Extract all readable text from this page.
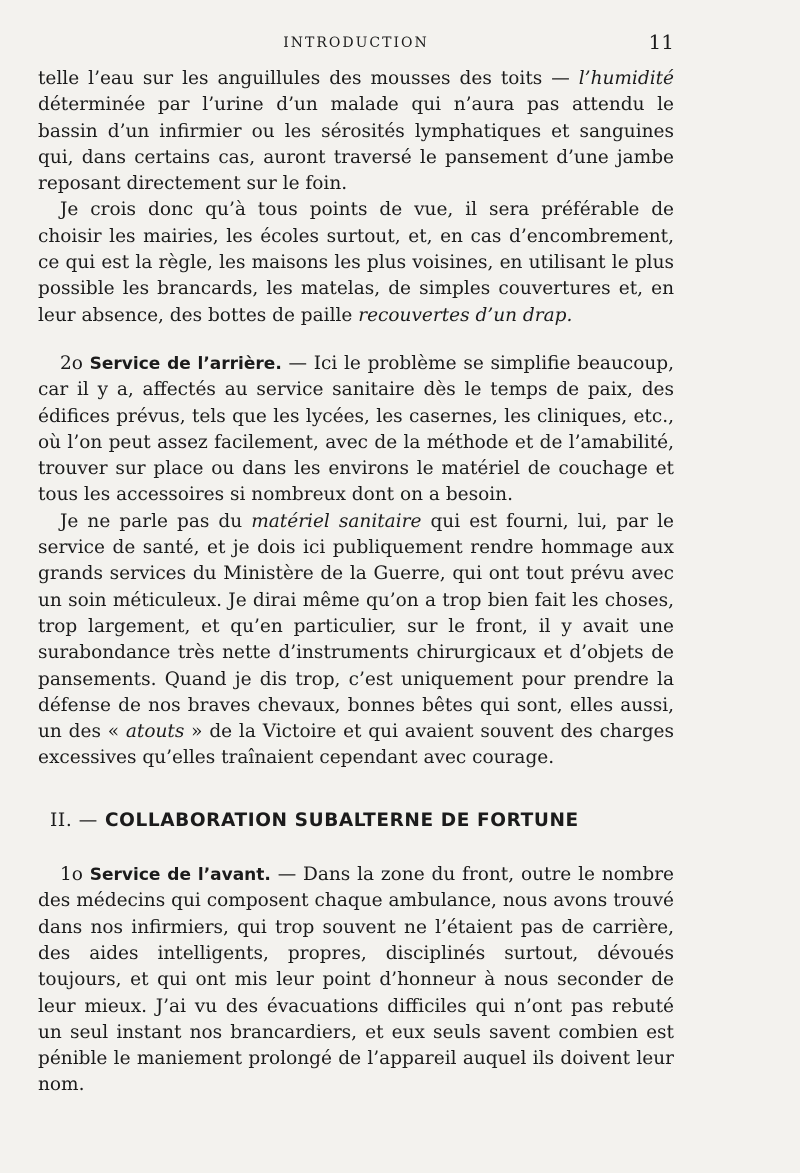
INTRODUCTION	11

telle l’eau sur les anguillules des mousses des toits — l’humidité déterminée par l’urine d’un malade qui n’aura pas attendu le bassin d’un infirmier ou les sérosités lymphatiques et sanguines qui, dans certains cas, auront traversé le pansement d’une jambe reposant directement sur le foin.

Je crois donc qu’à tous points de vue, il sera préférable de choisir les mairies, les écoles surtout, et, en cas d’encombrement, ce qui est la règle, les maisons les plus voisines, en utilisant le plus possible les brancards, les matelas, de simples couvertures et, en leur absence, des bottes de paille recouvertes d’un drap.

2o Service de l’arrière. — Ici le problème se simplifie beaucoup, car il y a, affectés au service sanitaire dès le temps de paix, des édifices prévus, tels que les lycées, les casernes, les cliniques, etc., où l’on peut assez facilement, avec de la méthode et de l’amabilité, trouver sur place ou dans les environs le matériel de couchage et tous les accessoires si nombreux dont on a besoin.

Je ne parle pas du matériel sanitaire qui est fourni, lui, par le service de santé, et je dois ici publiquement rendre hommage aux grands services du Ministère de la Guerre, qui ont tout prévu avec un soin méticuleux. Je dirai même qu’on a trop bien fait les choses, trop largement, et qu’en particulier, sur le front, il y avait une surabondance très nette d’instruments chirurgicaux et d’objets de pansements. Quand je dis trop, c’est uniquement pour prendre la défense de nos braves chevaux, bonnes bêtes qui sont, elles aussi, un des « atouts » de la Victoire et qui avaient souvent des charges excessives qu’elles traînaient cependant avec courage.

II. — COLLABORATION SUBALTERNE DE FORTUNE

1o Service de l’avant. — Dans la zone du front, outre le nombre des médecins qui composent chaque ambulance, nous avons trouvé dans nos infirmiers, qui trop souvent ne l’étaient pas de carrière, des aides intelligents, propres, disciplinés surtout, dévoués toujours, et qui ont mis leur point d’honneur à nous seconder de leur mieux. J’ai vu des évacuations difficiles qui n’ont pas rebuté un seul instant nos brancardiers, et eux seuls savent combien est pénible le maniement prolongé de l’appareil auquel ils doivent leur nom.
